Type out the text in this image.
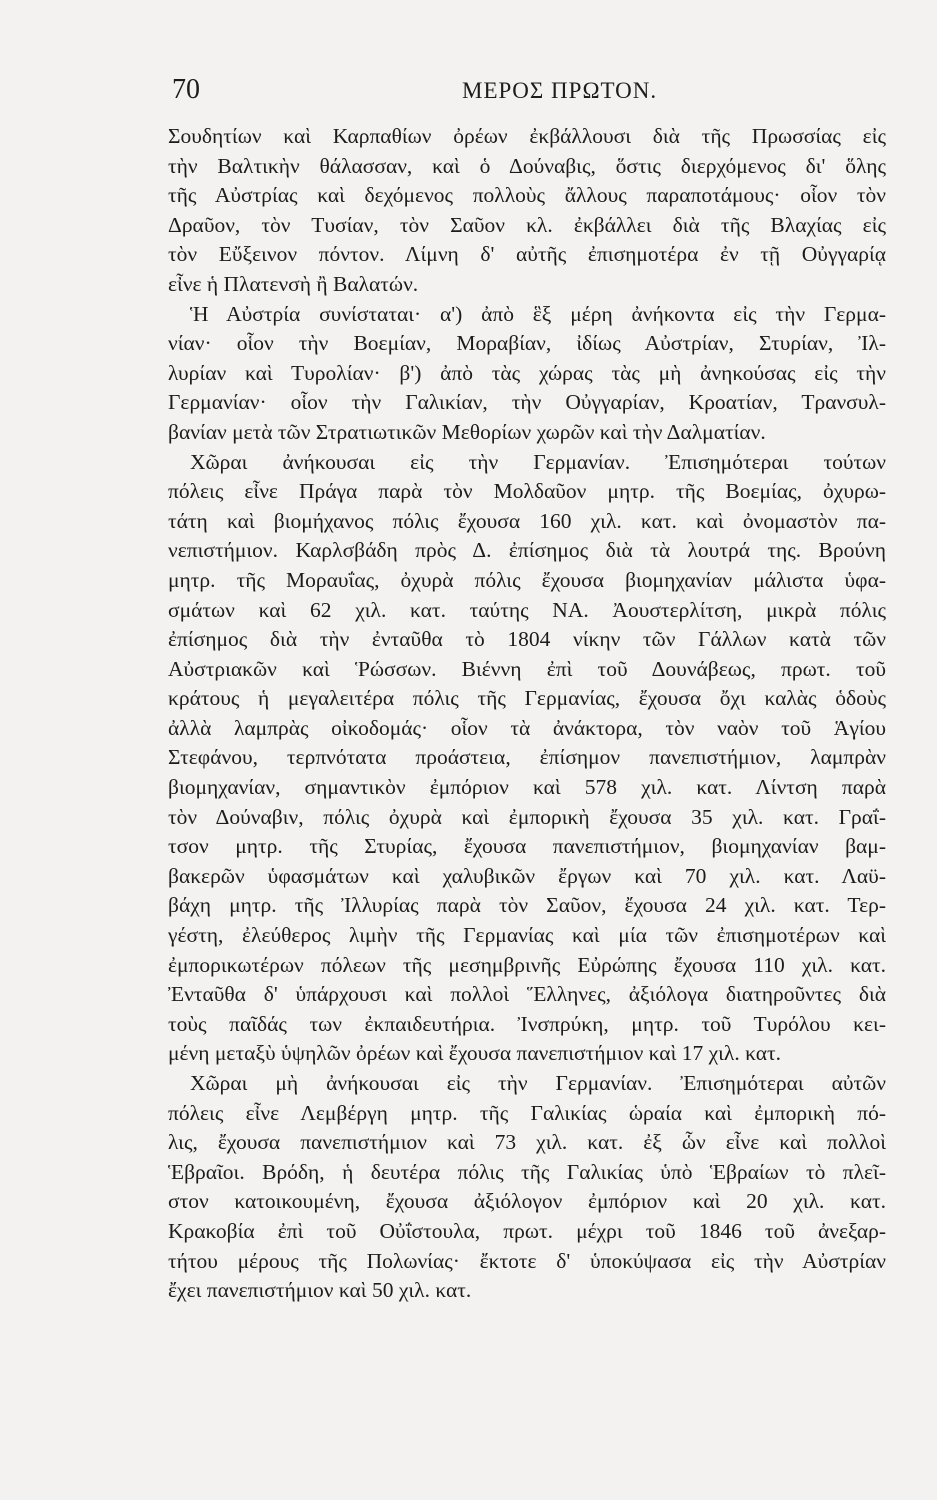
70	ΜΕΡΟΣ ΠΡΩΤΟΝ.
Σουδητίων καὶ Καρπαθίων ὀρέων ἐκβάλλουσι διὰ τῆς Πρωσσίας εἰς
τὴν Βαλτικὴν θάλασσαν, καὶ ὁ Δούναβις, ὅστις διερχόμενος δι' ὅλης
τῆς Αὐστρίας καὶ δεχόμενος πολλοὺς ἄλλους παραποτάμους· οἷον τὸν
Δραῦον, τὸν Τυσίαν, τὸν Σαῦον κλ. ἐκβάλλει διὰ τῆς Βλαχίας εἰς
τὸν Εὔξεινον πόντον. Λίμνη δ' αὐτῆς ἐπισημοτέρα ἐν τῇ Οὐγγαρίᾳ
εἶνε ἡ Πλατενσὴ ἢ Βαλατών.
Ἡ Αὐστρία συνίσταται· α') ἀπὸ ἓξ μέρη ἀνήκοντα εἰς τὴν Γερμα-
νίαν· οἷον τὴν Βοεμίαν, Μοραβίαν, ἰδίως Αὐστρίαν, Στυρίαν, Ἰλ-
λυρίαν καὶ Τυρολίαν· β') ἀπὸ τὰς χώρας τὰς μὴ ἀνηκούσας εἰς τὴν
Γερμανίαν· οἷον τὴν Γαλικίαν, τὴν Οὐγγαρίαν, Κροατίαν, Τρανσυλ-
βανίαν μετὰ τῶν Στρατιωτικῶν Μεθορίων χωρῶν καὶ τὴν Δαλματίαν.
Χῶραι ἀνήκουσαι εἰς τὴν Γερμανίαν. Ἐπισημότεραι τούτων
πόλεις εἶνε Πράγα παρὰ τὸν Μολδαῦον μητρ. τῆς Βοεμίας, ὀχυρω-
τάτη καὶ βιομήχανος πόλις ἔχουσα 160 χιλ. κατ. καὶ ὀνομαστὸν πα-
νεπιστήμιον. Καρλσβάδη πρὸς Δ. ἐπίσημος διὰ τὰ λουτρά της. Βρούνη
μητρ. τῆς Μοραυΐας, ὀχυρὰ πόλις ἔχουσα βιομηχανίαν μάλιστα ὑφα-
σμάτων καὶ 62 χιλ. κατ. ταύτης ΝΑ. Ἀουστερλίτση, μικρὰ πόλις
ἐπίσημος διὰ τὴν ἐνταῦθα τὸ 1804 νίκην τῶν Γάλλων κατὰ τῶν
Αὐστριακῶν καὶ Ῥώσσων. Βιέννη ἐπὶ τοῦ Δουνάβεως, πρωτ. τοῦ
κράτους ἡ μεγαλειτέρα πόλις τῆς Γερμανίας, ἔχουσα ὄχι καλὰς ὁδοὺς
ἀλλὰ λαμπρὰς οἰκοδομάς· οἷον τὰ ἀνάκτορα, τὸν ναὸν τοῦ Ἁγίου
Στεφάνου, τερπνότατα προάστεια, ἐπίσημον πανεπιστήμιον, λαμπρὰν
βιομηχανίαν, σημαντικὸν ἐμπόριον καὶ 578 χιλ. κατ. Λίντση παρὰ
τὸν Δούναβιν, πόλις ὀχυρὰ καὶ ἐμπορικὴ ἔχουσα 35 χιλ. κατ. Γραΐ-
τσον μητρ. τῆς Στυρίας, ἔχουσα πανεπιστήμιον, βιομηχανίαν βαμ-
βακερῶν ὑφασμάτων καὶ χαλυβικῶν ἔργων καὶ 70 χιλ. κατ. Λαϋ-
βάχη μητρ. τῆς Ἰλλυρίας παρὰ τὸν Σαῦον, ἔχουσα 24 χιλ. κατ. Τερ-
γέστη, ἐλεύθερος λιμὴν τῆς Γερμανίας καὶ μία τῶν ἐπισημοτέρων καὶ
ἐμπορικωτέρων πόλεων τῆς μεσημβρινῆς Εὐρώπης ἔχουσα 110 χιλ. κατ.
Ἐνταῦθα δ' ὑπάρχουσι καὶ πολλοὶ Ἕλληνες, ἀξιόλογα διατηροῦντες διὰ
τοὺς παῖδάς των ἐκπαιδευτήρια. Ἰνσπρύκη, μητρ. τοῦ Τυρόλου κει-
μένη μεταξὺ ὑψηλῶν ὀρέων καὶ ἔχουσα πανεπιστήμιον καὶ 17 χιλ. κατ.
Χῶραι μὴ ἀνήκουσαι εἰς τὴν Γερμανίαν. Ἐπισημότεραι αὐτῶν
πόλεις εἶνε Λεμβέργη μητρ. τῆς Γαλικίας ὡραία καὶ ἐμπορικὴ πό-
λις, ἔχουσα πανεπιστήμιον καὶ 73 χιλ. κατ. ἐξ ὧν εἶνε καὶ πολλοὶ
Ἑβραῖοι. Βρόδη, ἡ δευτέρα πόλις τῆς Γαλικίας ὑπὸ Ἑβραίων τὸ πλεῖ-
στον κατοικουμένη, ἔχουσα ἀξιόλογον ἐμπόριον καὶ 20 χιλ. κατ.
Κρακοβία ἐπὶ τοῦ Οὐΐστουλα, πρωτ. μέχρι τοῦ 1846 τοῦ ἀνεξαρ-
τήτου μέρους τῆς Πολωνίας· ἔκτοτε δ' ὑποκύψασα εἰς τὴν Αὐστρίαν
ἔχει πανεπιστήμιον καὶ 50 χιλ. κατ.
